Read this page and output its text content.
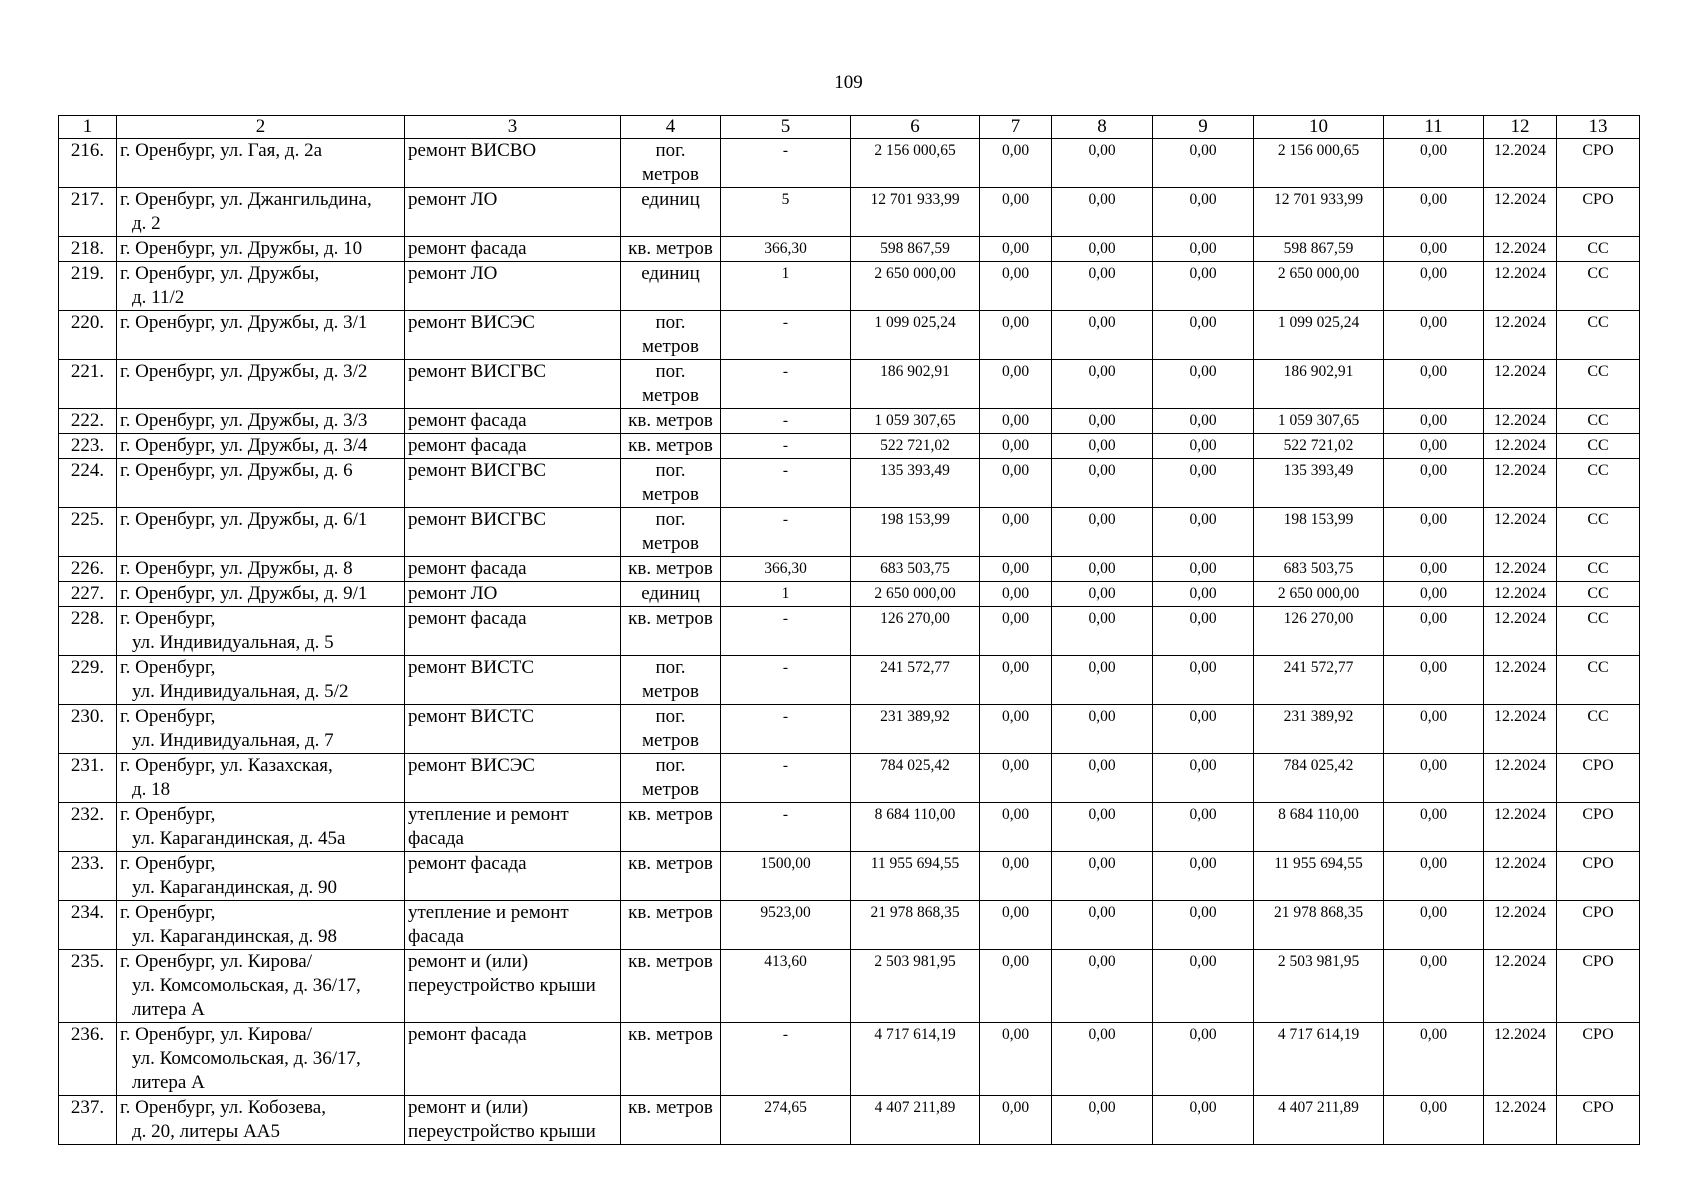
109
1	2	3	4	5	6	7	8	9	10	11	12	13
216.	г. Оренбург, ул. Гая, д. 2а	ремонт ВИСВО	пог.
метров	-	2 156 000,65	0,00	0,00	0,00	2 156 000,65	0,00	12.2024	СРО
217.	г. Оренбург, ул. Джангильдина,
д. 2	ремонт ЛО	единиц	5	12 701 933,99	0,00	0,00	0,00	12 701 933,99	0,00	12.2024	СРО
218.	г. Оренбург, ул. Дружбы, д. 10	ремонт фасада	кв. метров	366,30	598 867,59	0,00	0,00	0,00	598 867,59	0,00	12.2024	СС
219.	г. Оренбург, ул. Дружбы,
д. 11/2	ремонт ЛО	единиц	1	2 650 000,00	0,00	0,00	0,00	2 650 000,00	0,00	12.2024	СС
220.	г. Оренбург, ул. Дружбы, д. 3/1	ремонт ВИСЭС	пог.
метров	-	1 099 025,24	0,00	0,00	0,00	1 099 025,24	0,00	12.2024	СС
221.	г. Оренбург, ул. Дружбы, д. 3/2	ремонт ВИСГВС	пог.
метров	-	186 902,91	0,00	0,00	0,00	186 902,91	0,00	12.2024	СС
222.	г. Оренбург, ул. Дружбы, д. 3/3	ремонт фасада	кв. метров	-	1 059 307,65	0,00	0,00	0,00	1 059 307,65	0,00	12.2024	СС
223.	г. Оренбург, ул. Дружбы, д. 3/4	ремонт фасада	кв. метров	-	522 721,02	0,00	0,00	0,00	522 721,02	0,00	12.2024	СС
224.	г. Оренбург, ул. Дружбы, д. 6	ремонт ВИСГВС	пог.
метров	-	135 393,49	0,00	0,00	0,00	135 393,49	0,00	12.2024	СС
225.	г. Оренбург, ул. Дружбы, д. 6/1	ремонт ВИСГВС	пог.
метров	-	198 153,99	0,00	0,00	0,00	198 153,99	0,00	12.2024	СС
226.	г. Оренбург, ул. Дружбы, д. 8	ремонт фасада	кв. метров	366,30	683 503,75	0,00	0,00	0,00	683 503,75	0,00	12.2024	СС
227.	г. Оренбург, ул. Дружбы, д. 9/1	ремонт ЛО	единиц	1	2 650 000,00	0,00	0,00	0,00	2 650 000,00	0,00	12.2024	СС
228.	г. Оренбург,
ул. Индивидуальная, д. 5	ремонт фасада	кв. метров	-	126 270,00	0,00	0,00	0,00	126 270,00	0,00	12.2024	СС
229.	г. Оренбург,
ул. Индивидуальная, д. 5/2	ремонт ВИСТС	пог.
метров	-	241 572,77	0,00	0,00	0,00	241 572,77	0,00	12.2024	СС
230.	г. Оренбург,
ул. Индивидуальная, д. 7	ремонт ВИСТС	пог.
метров	-	231 389,92	0,00	0,00	0,00	231 389,92	0,00	12.2024	СС
231.	г. Оренбург, ул. Казахская,
д. 18	ремонт ВИСЭС	пог.
метров	-	784 025,42	0,00	0,00	0,00	784 025,42	0,00	12.2024	СРО
232.	г. Оренбург,
ул. Карагандинская, д. 45а	утепление и ремонт
фасада	кв. метров	-	8 684 110,00	0,00	0,00	0,00	8 684 110,00	0,00	12.2024	СРО
233.	г. Оренбург,
ул. Карагандинская, д. 90	ремонт фасада	кв. метров	1500,00	11 955 694,55	0,00	0,00	0,00	11 955 694,55	0,00	12.2024	СРО
234.	г. Оренбург,
ул. Карагандинская, д. 98	утепление и ремонт
фасада	кв. метров	9523,00	21 978 868,35	0,00	0,00	0,00	21 978 868,35	0,00	12.2024	СРО
235.	г. Оренбург, ул. Кирова/
ул. Комсомольская, д. 36/17,
литера А	ремонт и (или)
переустройство крыши	кв. метров	413,60	2 503 981,95	0,00	0,00	0,00	2 503 981,95	0,00	12.2024	СРО
236.	г. Оренбург, ул. Кирова/
ул. Комсомольская, д. 36/17,
литера А	ремонт фасада	кв. метров	-	4 717 614,19	0,00	0,00	0,00	4 717 614,19	0,00	12.2024	СРО
237.	г. Оренбург, ул. Кобозева,
д. 20, литеры АА5	ремонт и (или)
переустройство крыши	кв. метров	274,65	4 407 211,89	0,00	0,00	0,00	4 407 211,89	0,00	12.2024	СРО
